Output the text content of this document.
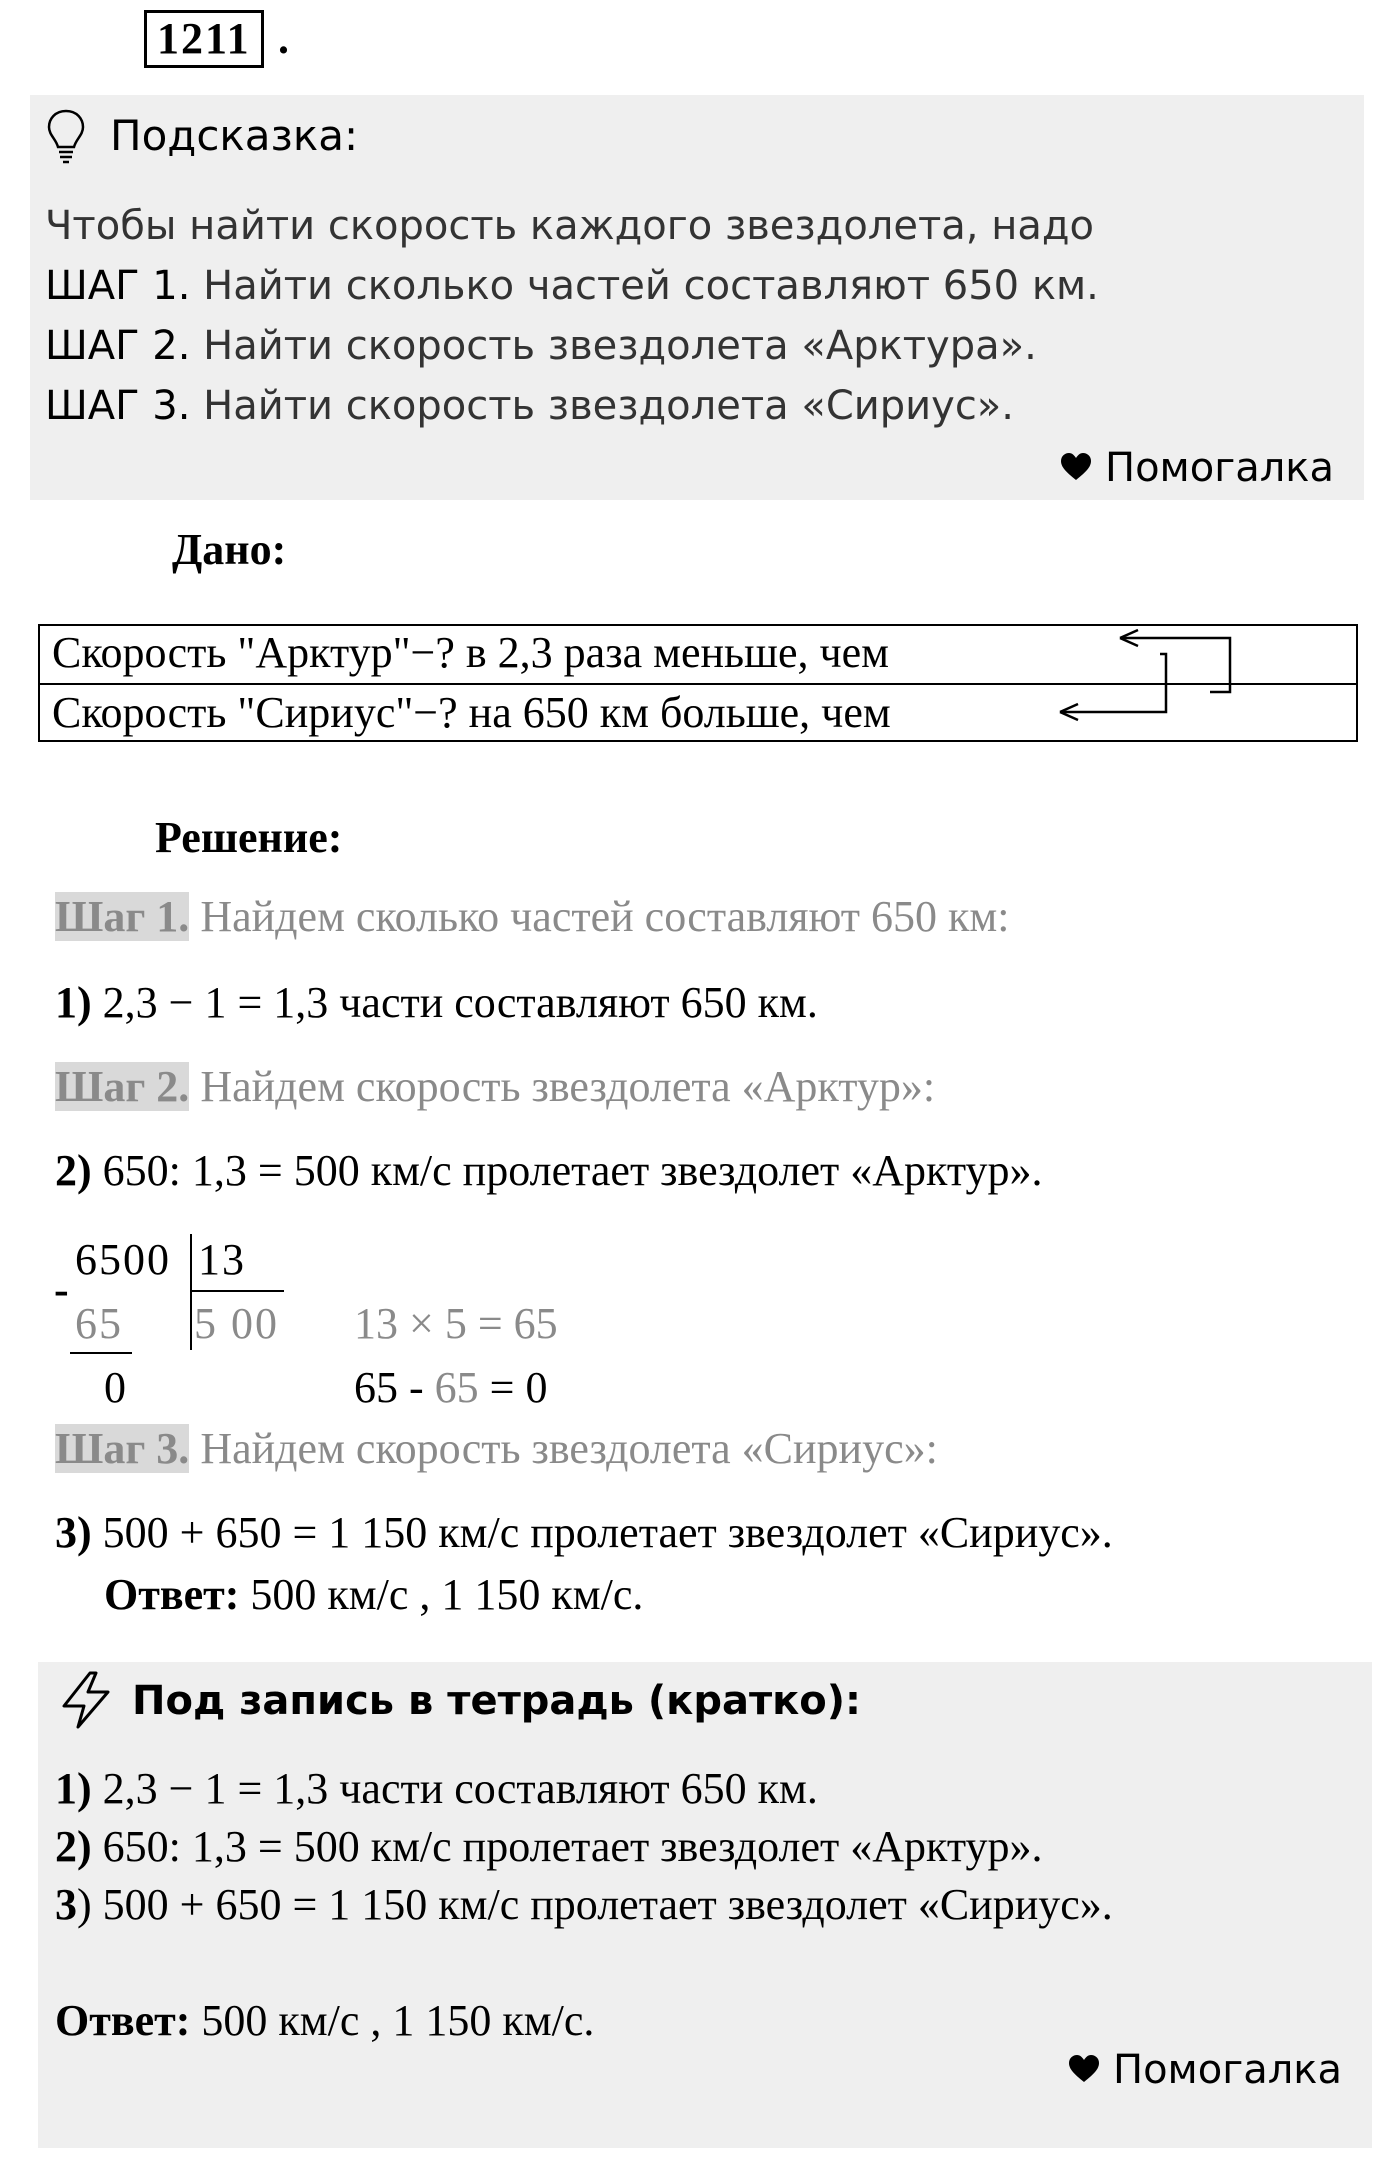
1211 .
Подсказка:
Чтобы найти скорость каждого звездолета, надо
ШАГ 1. Найти сколько частей составляют 650 км.
ШАГ 2. Найти скорость звездолета «Арктура».
ШАГ 3. Найти скорость звездолета «Сириус».
Помогалка
Дано:
Скорость "Арктур"−? в 2,3 раза меньше, чем
Скорость "Сириус"−? на 650 км больше, чем
Решение:
Шаг 1. Найдем сколько частей составляют 650 км:
1) 2,3 − 1 = 1,3 части составляют 650 км.
Шаг 2. Найдем скорость звездолета «Арктур»:
2) 650: 1,3 = 500 км/с пролетает звездолет «Арктур».
6500 13
-
65 5 00
0
13 × 5 = 65
65 - 65 = 0
Шаг 3. Найдем скорость звездолета «Сириус»:
3) 500 + 650 = 1 150 км/с пролетает звездолет «Сириус».
Ответ: 500 км/с , 1 150 км/с.
Под запись в тетрадь (кратко):
1) 2,3 − 1 = 1,3 части составляют 650 км.
2) 650: 1,3 = 500 км/с пролетает звездолет «Арктур».
3) 500 + 650 = 1 150 км/с пролетает звездолет «Сириус».
Ответ: 500 км/с , 1 150 км/с.
Помогалка
